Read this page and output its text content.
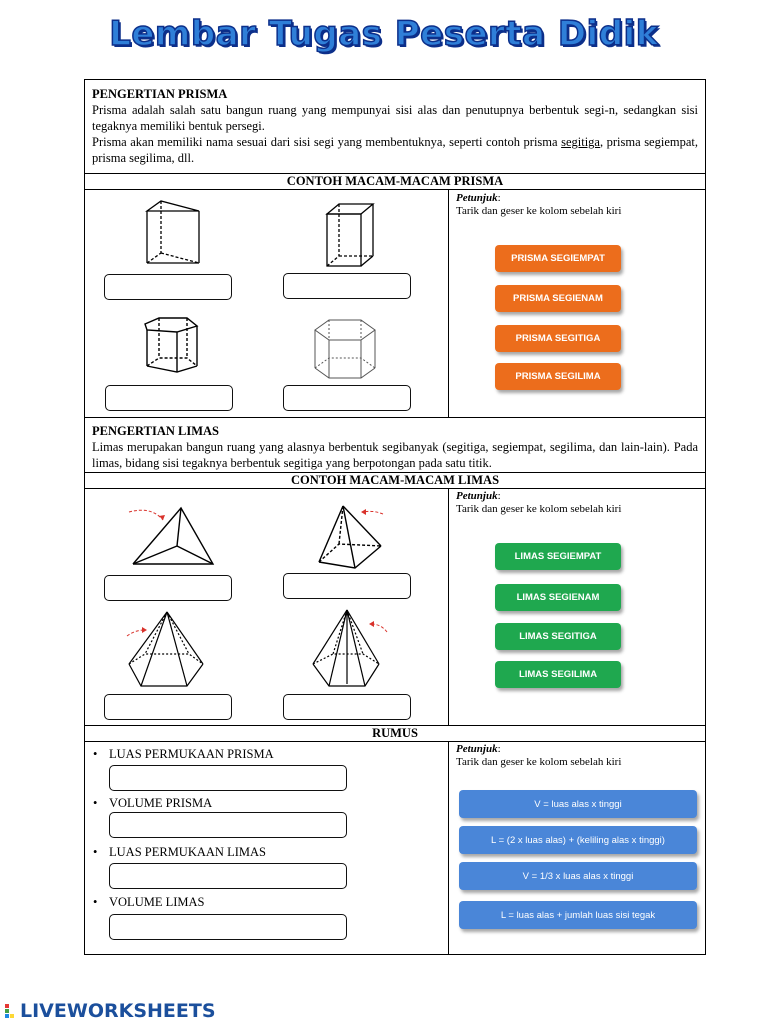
Lembar Tugas Peserta Didik
PENGERTIAN PRISMA
Prisma adalah salah satu bangun ruang yang mempunyai sisi alas dan penutupnya berbentuk segi-n, sedangkan sisi tegaknya memiliki bentuk persegi.
Prisma akan memiliki nama sesuai dari sisi segi yang membentuknya, seperti contoh prisma segitiga, prisma segiempat, prisma segilima, dll.
CONTOH MACAM-MACAM PRISMA
Petunjuk:
Tarik dan geser ke kolom sebelah kiri
PRISMA SEGIEMPAT
PRISMA SEGIENAM
PRISMA SEGITIGA
PRISMA SEGILIMA
PENGERTIAN LIMAS
Limas merupakan bangun ruang yang alasnya berbentuk segibanyak (segitiga, segiempat, segilima, dan lain-lain). Pada limas, bidang sisi tegaknya berbentuk segitiga yang berpotongan pada satu titik.
CONTOH MACAM-MACAM LIMAS
Petunjuk:
Tarik dan geser ke kolom sebelah kiri
LIMAS SEGIEMPAT
LIMAS SEGIENAM
LIMAS SEGITIGA
LIMAS SEGILIMA
RUMUS
• LUAS PERMUKAAN PRISMA
• VOLUME PRISMA
• LUAS PERMUKAAN LIMAS
• VOLUME LIMAS
Petunjuk:
Tarik dan geser ke kolom sebelah kiri
V = luas alas x tinggi
L = (2 x luas alas) + (keliling alas x tinggi)
V = 1/3 x luas alas x tinggi
L = luas alas + jumlah luas sisi tegak
LIVEWORKSHEETS
